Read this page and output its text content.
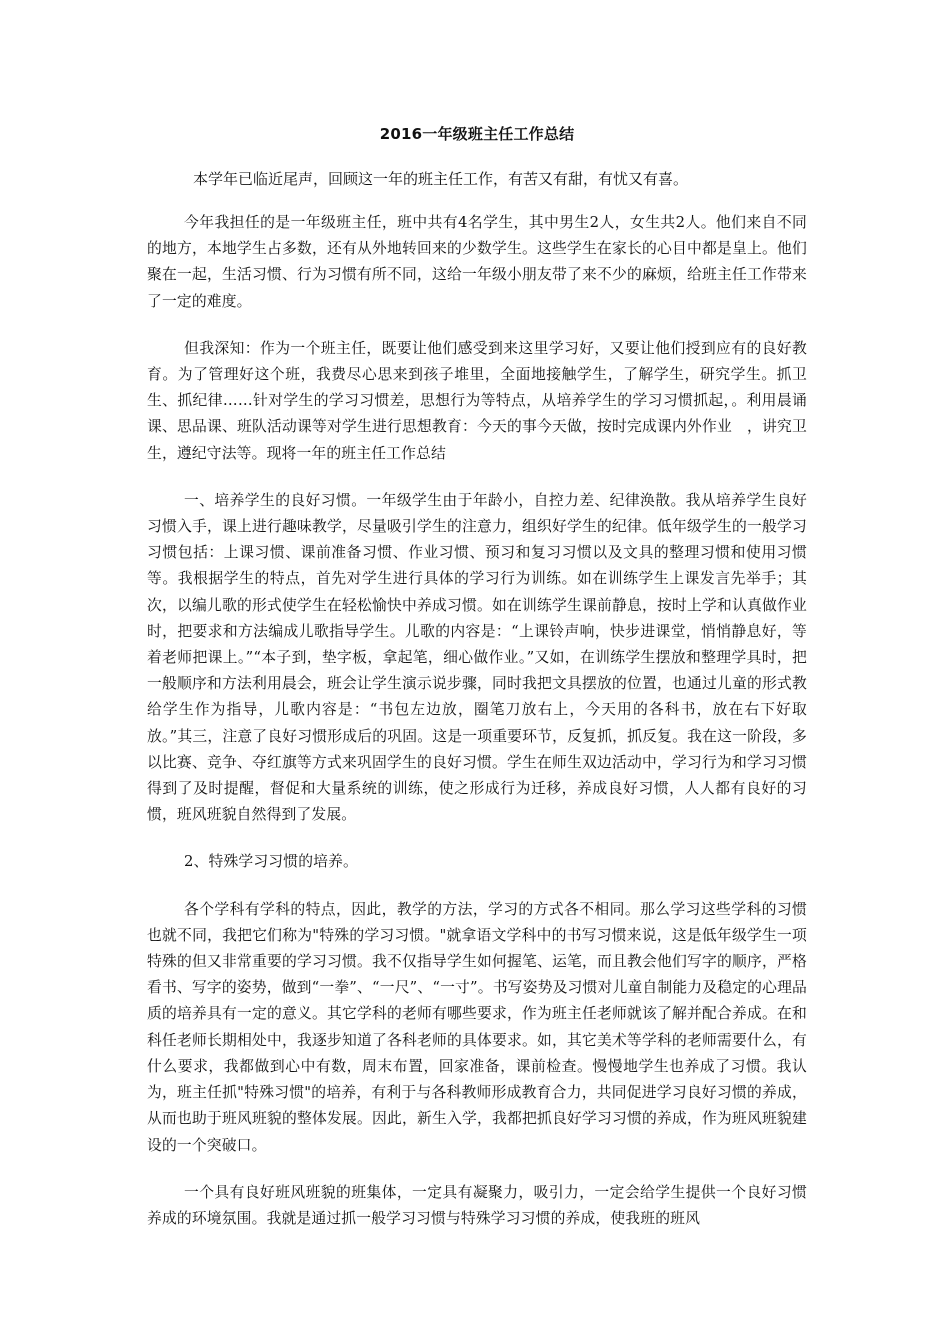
2016一年级班主任工作总结
本学年已临近尾声，回顾这一年的班主任工作，有苦又有甜，有忧又有喜。

今年我担任的是一年级班主任，班中共有4名学生，其中男生2人，女生共2人。他们来自不同的地方，本地学生占多数，还有从外地转回来的少数学生。这些学生在家长的心目中都是皇上。他们聚在一起，生活习惯、行为习惯有所不同，这给一年级小朋友带了来不少的麻烦，给班主任工作带来了一定的难度。

但我深知：作为一个班主任，既要让他们感受到来这里学习好，又要让他们授到应有的良好教育。为了管理好这个班，我费尽心思来到孩子堆里，全面地接触学生，了解学生，研究学生。抓卫生、抓纪律……针对学生的学习习惯差，思想行为等特点，从培养学生的学习习惯抓起，。利用晨诵课、思品课、班队活动课等对学生进行思想教育：今天的事今天做，按时完成课内外作业　，讲究卫生，遵纪守法等。现将一年的班主任工作总结

一、培养学生的良好习惯。一年级学生由于年龄小，自控力差、纪律涣散。我从培养学生良好习惯入手，课上进行趣味教学，尽量吸引学生的注意力，组织好学生的纪律。低年级学生的一般学习习惯包括：上课习惯、课前准备习惯、作业习惯、预习和复习习惯以及文具的整理习惯和使用习惯等。我根据学生的特点，首先对学生进行具体的学习行为训练。如在训练学生上课发言先举手；其次，以编儿歌的形式使学生在轻松愉快中养成习惯。如在训练学生课前静息，按时上学和认真做作业时，把要求和方法编成儿歌指导学生。儿歌的内容是：“上课铃声响，快步进课堂，悄悄静息好，等着老师把课上。”“本子到，垫字板，拿起笔，细心做作业。”又如，在训练学生摆放和整理学具时，把一般顺序和方法利用晨会，班会让学生演示说步骤，同时我把文具摆放的位置，也通过儿童的形式教给学生作为指导，儿歌内容是：“书包左边放，圈笔刀放右上，今天用的各科书，放在右下好取放。”其三，注意了良好习惯形成后的巩固。这是一项重要环节，反复抓，抓反复。我在这一阶段，多以比赛、竞争、夺红旗等方式来巩固学生的良好习惯。学生在师生双边活动中，学习行为和学习习惯得到了及时提醒，督促和大量系统的训练，使之形成行为迁移，养成良好习惯，人人都有良好的习惯，班风班貌自然得到了发展。

2、特殊学习习惯的培养。

各个学科有学科的特点，因此，教学的方法，学习的方式各不相同。那么学习这些学科的习惯也就不同，我把它们称为"特殊的学习习惯。"就拿语文学科中的书写习惯来说，这是低年级学生一项特殊的但又非常重要的学习习惯。我不仅指导学生如何握笔、运笔，而且教会他们写字的顺序，严格看书、写字的姿势，做到“一拳”、“一尺”、“一寸”。书写姿势及习惯对儿童自制能力及稳定的心理品质的培养具有一定的意义。其它学科的老师有哪些要求，作为班主任老师就该了解并配合养成。在和科任老师长期相处中，我逐步知道了各科老师的具体要求。如，其它美术等学科的老师需要什么，有什么要求，我都做到心中有数，周末布置，回家准备，课前检查。慢慢地学生也养成了习惯。我认为，班主任抓"特殊习惯"的培养，有利于与各科教师形成教育合力，共同促进学习良好习惯的养成，从而也助于班风班貌的整体发展。因此，新生入学，我都把抓良好学习习惯的养成，作为班风班貌建设的一个突破口。

一个具有良好班风班貌的班集体，一定具有凝聚力，吸引力，一定会给学生提供一个良好习惯养成的环境氛围。我就是通过抓一般学习习惯与特殊学习习惯的养成，使我班的班风
